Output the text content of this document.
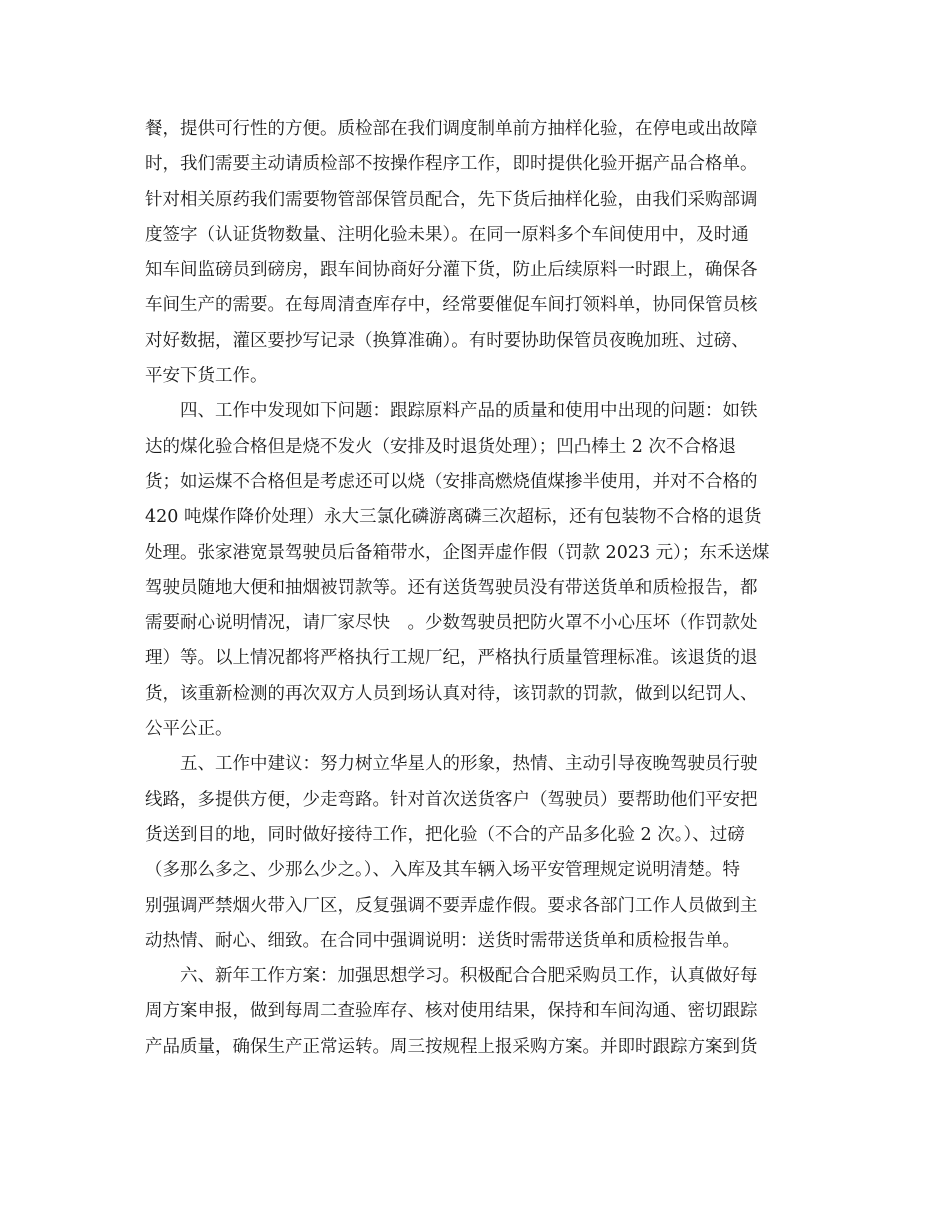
餐，提供可行性的方便。质检部在我们调度制单前方抽样化验，在停电或出故障
时，我们需要主动请质检部不按操作程序工作，即时提供化验开据产品合格单。
针对相关原药我们需要物管部保管员配合，先下货后抽样化验，由我们采购部调
度签字（认证货物数量、注明化验未果）。在同一原料多个车间使用中，及时通
知车间监磅员到磅房，跟车间协商好分灌下货，防止后续原料一时跟上，确保各
车间生产的需要。在每周清查库存中，经常要催促车间打领料单，协同保管员核
对好数据，灌区要抄写记录（换算准确）。有时要协助保管员夜晚加班、过磅、
平安下货工作。
四、工作中发现如下问题：跟踪原料产品的质量和使用中出现的问题：如铁
达的煤化验合格但是烧不发火（安排及时退货处理）；凹凸棒土 2 次不合格退
货；如运煤不合格但是考虑还可以烧（安排高燃烧值煤掺半使用，并对不合格的
420 吨煤作降价处理）永大三氯化磷游离磷三次超标，还有包装物不合格的退货
处理。张家港宽景驾驶员后备箱带水，企图弄虚作假（罚款 2023 元）；东禾送煤
驾驶员随地大便和抽烟被罚款等。还有送货驾驶员没有带送货单和质检报告，都
需要耐心说明情况，请厂家尽快　。少数驾驶员把防火罩不小心压坏（作罚款处
理）等。以上情况都将严格执行工规厂纪，严格执行质量管理标准。该退货的退
货，该重新检测的再次双方人员到场认真对待，该罚款的罚款，做到以纪罚人、
公平公正。
五、工作中建议：努力树立华星人的形象，热情、主动引导夜晚驾驶员行驶
线路，多提供方便，少走弯路。针对首次送货客户（驾驶员）要帮助他们平安把
货送到目的地，同时做好接待工作，把化验（不合的产品多化验 2 次。）、过磅
（多那么多之、少那么少之。）、入库及其车辆入场平安管理规定说明清楚。特
别强调严禁烟火带入厂区，反复强调不要弄虚作假。要求各部门工作人员做到主
动热情、耐心、细致。在合同中强调说明：送货时需带送货单和质检报告单。
六、新年工作方案：加强思想学习。积极配合合肥采购员工作，认真做好每
周方案申报，做到每周二查验库存、核对使用结果，保持和车间沟通、密切跟踪
产品质量，确保生产正常运转。周三按规程上报采购方案。并即时跟踪方案到货
